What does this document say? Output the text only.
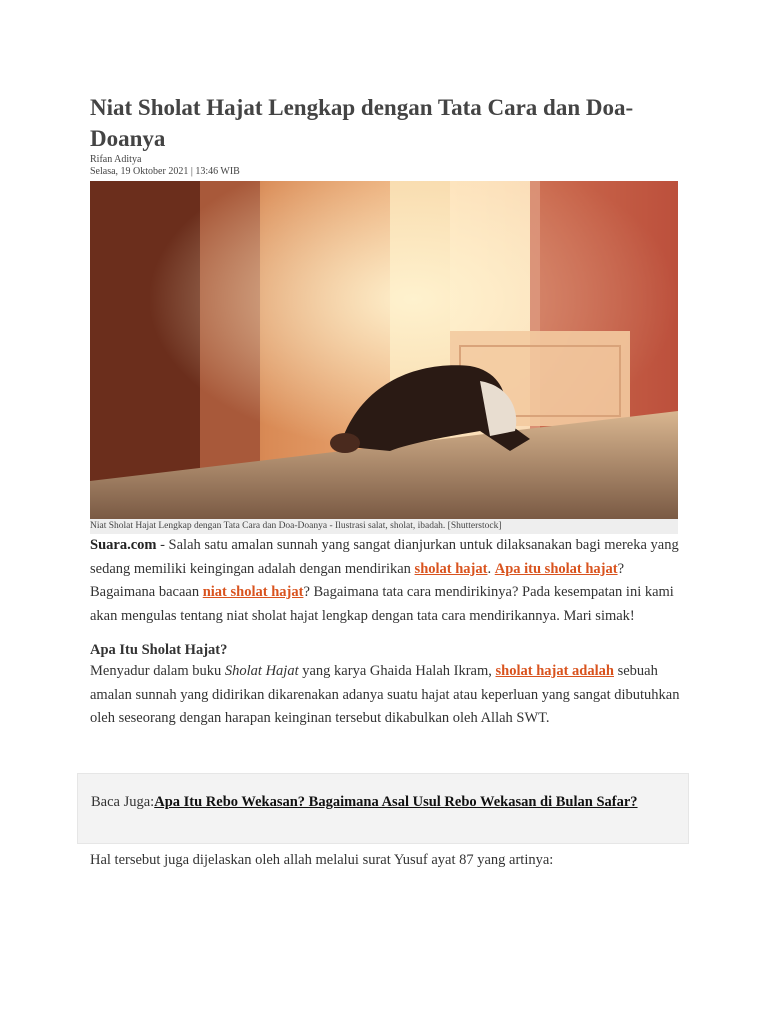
Niat Sholat Hajat Lengkap dengan Tata Cara dan Doa-Doanya
Rifan Aditya
Selasa, 19 Oktober 2021 | 13:46 WIB
Niat Sholat Hajat Lengkap dengan Tata Cara dan Doa-Doanya - Ilustrasi salat, sholat, ibadah. [Shutterstock]

Suara.com - Salah satu amalan sunnah yang sangat dianjurkan untuk dilaksanakan bagi mereka yang sedang memiliki keingingan adalah dengan mendirikan sholat hajat. Apa itu sholat hajat? Bagaimana bacaan niat sholat hajat? Bagaimana tata cara mendirikinya? Pada kesempatan ini kami akan mengulas tentang niat sholat hajat lengkap dengan tata cara mendirikannya. Mari simak!

Apa Itu Sholat Hajat?

Menyadur dalam buku Sholat Hajat yang karya Ghaida Halah Ikram, sholat hajat adalah sebuah amalan sunnah yang didirikan dikarenakan adanya suatu hajat atau keperluan yang sangat dibutuhkan oleh seseorang dengan harapan keinginan tersebut dikabulkan oleh Allah SWT.

Baca Juga:Apa Itu Rebo Wekasan? Bagaimana Asal Usul Rebo Wekasan di Bulan Safar?
Hal tersebut juga dijelaskan oleh allah melalui surat Yusuf ayat 87 yang artinya:
